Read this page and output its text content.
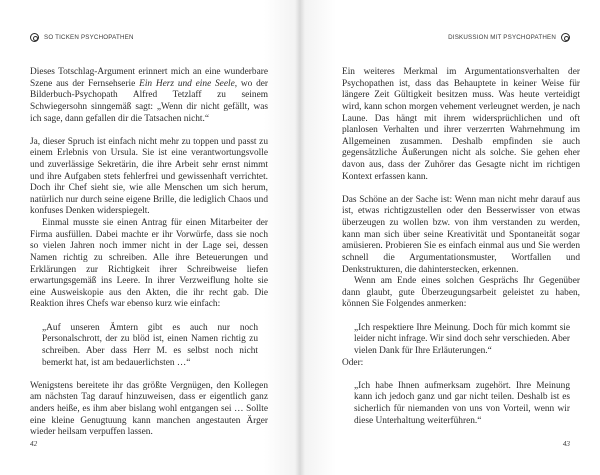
SO TICKEN PSYCHOPATHEN

Dieses Totschlag-Argument erinnert mich an eine wunderbare Szene aus der Fernsehserie Ein Herz und eine Seele, wo der Bilderbuch-Psychopath Alfred Tetzlaff zu seinem Schwiegersohn sinngemäß sagt: „Wenn dir nicht gefällt, was ich sage, dann gefallen dir die Tatsachen nicht.“

Ja, dieser Spruch ist einfach nicht mehr zu toppen und passt zu einem Erlebnis von Ursula. Sie ist eine verantwortungsvolle und zuverlässige Sekretärin, die ihre Arbeit sehr ernst nimmt und ihre Aufgaben stets fehlerfrei und gewissenhaft verrichtet. Doch ihr Chef sieht sie, wie alle Menschen um sich herum, natürlich nur durch seine eigene Brille, die lediglich Chaos und konfuses Denken widerspiegelt.

Einmal musste sie einen Antrag für einen Mitarbeiter der Firma ausfüllen. Dabei machte er ihr Vorwürfe, dass sie noch so vielen Jahren noch immer nicht in der Lage sei, dessen Namen richtig zu schreiben. Alle ihre Beteuerungen und Erklärungen zur Richtigkeit ihrer Schreibweise liefen erwartungsgemäß ins Leere. In ihrer Verzweiflung holte sie eine Ausweiskopie aus den Akten, die ihr recht gab. Die Reaktion ihres Chefs war ebenso kurz wie einfach:

„Auf unseren Ämtern gibt es auch nur noch Personalschrott, der zu blöd ist, einen Namen richtig zu schreiben. Aber dass Herr M. es selbst noch nicht bemerkt hat, ist am bedauerlichsten …“

Wenigstens bereitete ihr das größte Vergnügen, den Kollegen am nächsten Tag darauf hinzuweisen, dass er eigentlich ganz anders heiße, es ihm aber bislang wohl entgangen sei … Sollte eine kleine Genugtuung kann manchen angestauten Ärger wieder heilsam verpuffen lassen.

42
DISKUSSION MIT PSYCHOPATHEN

Ein weiteres Merkmal im Argumentationsverhalten der Psychopathen ist, dass das Behauptete in keiner Weise für längere Zeit Gültigkeit besitzen muss. Was heute verteidigt wird, kann schon morgen vehement verleugnet werden, je nach Laune. Das hängt mit ihrem widersprüchlichen und oft planlosen Verhalten und ihrer verzerrten Wahrnehmung im Allgemeinen zusammen. Deshalb empfinden sie auch gegensätzliche Äußerungen nicht als solche. Sie gehen eher davon aus, dass der Zuhörer das Gesagte nicht im richtigen Kontext erfassen kann.

Das Schöne an der Sache ist: Wenn man nicht mehr darauf aus ist, etwas richtigzustellen oder den Besserwisser von etwas überzeugen zu wollen bzw. von ihm verstanden zu werden, kann man sich über seine Kreativität und Spontaneität sogar amüsieren. Probieren Sie es einfach einmal aus und Sie werden schnell die Argumentationsmuster, Wortfallen und Denkstrukturen, die dahinterstecken, erkennen.

Wenn am Ende eines solchen Gesprächs Ihr Gegenüber dann glaubt, gute Überzeugungsarbeit geleistet zu haben, können Sie Folgendes anmerken:

„Ich respektiere Ihre Meinung. Doch für mich kommt sie leider nicht infrage. Wir sind doch sehr verschieden. Aber vielen Dank für Ihre Erläuterungen.“

Oder:

„Ich habe Ihnen aufmerksam zugehört. Ihre Meinung kann ich jedoch ganz und gar nicht teilen. Deshalb ist es sicherlich für niemanden von uns von Vorteil, wenn wir diese Unterhaltung weiterführen.“

43
